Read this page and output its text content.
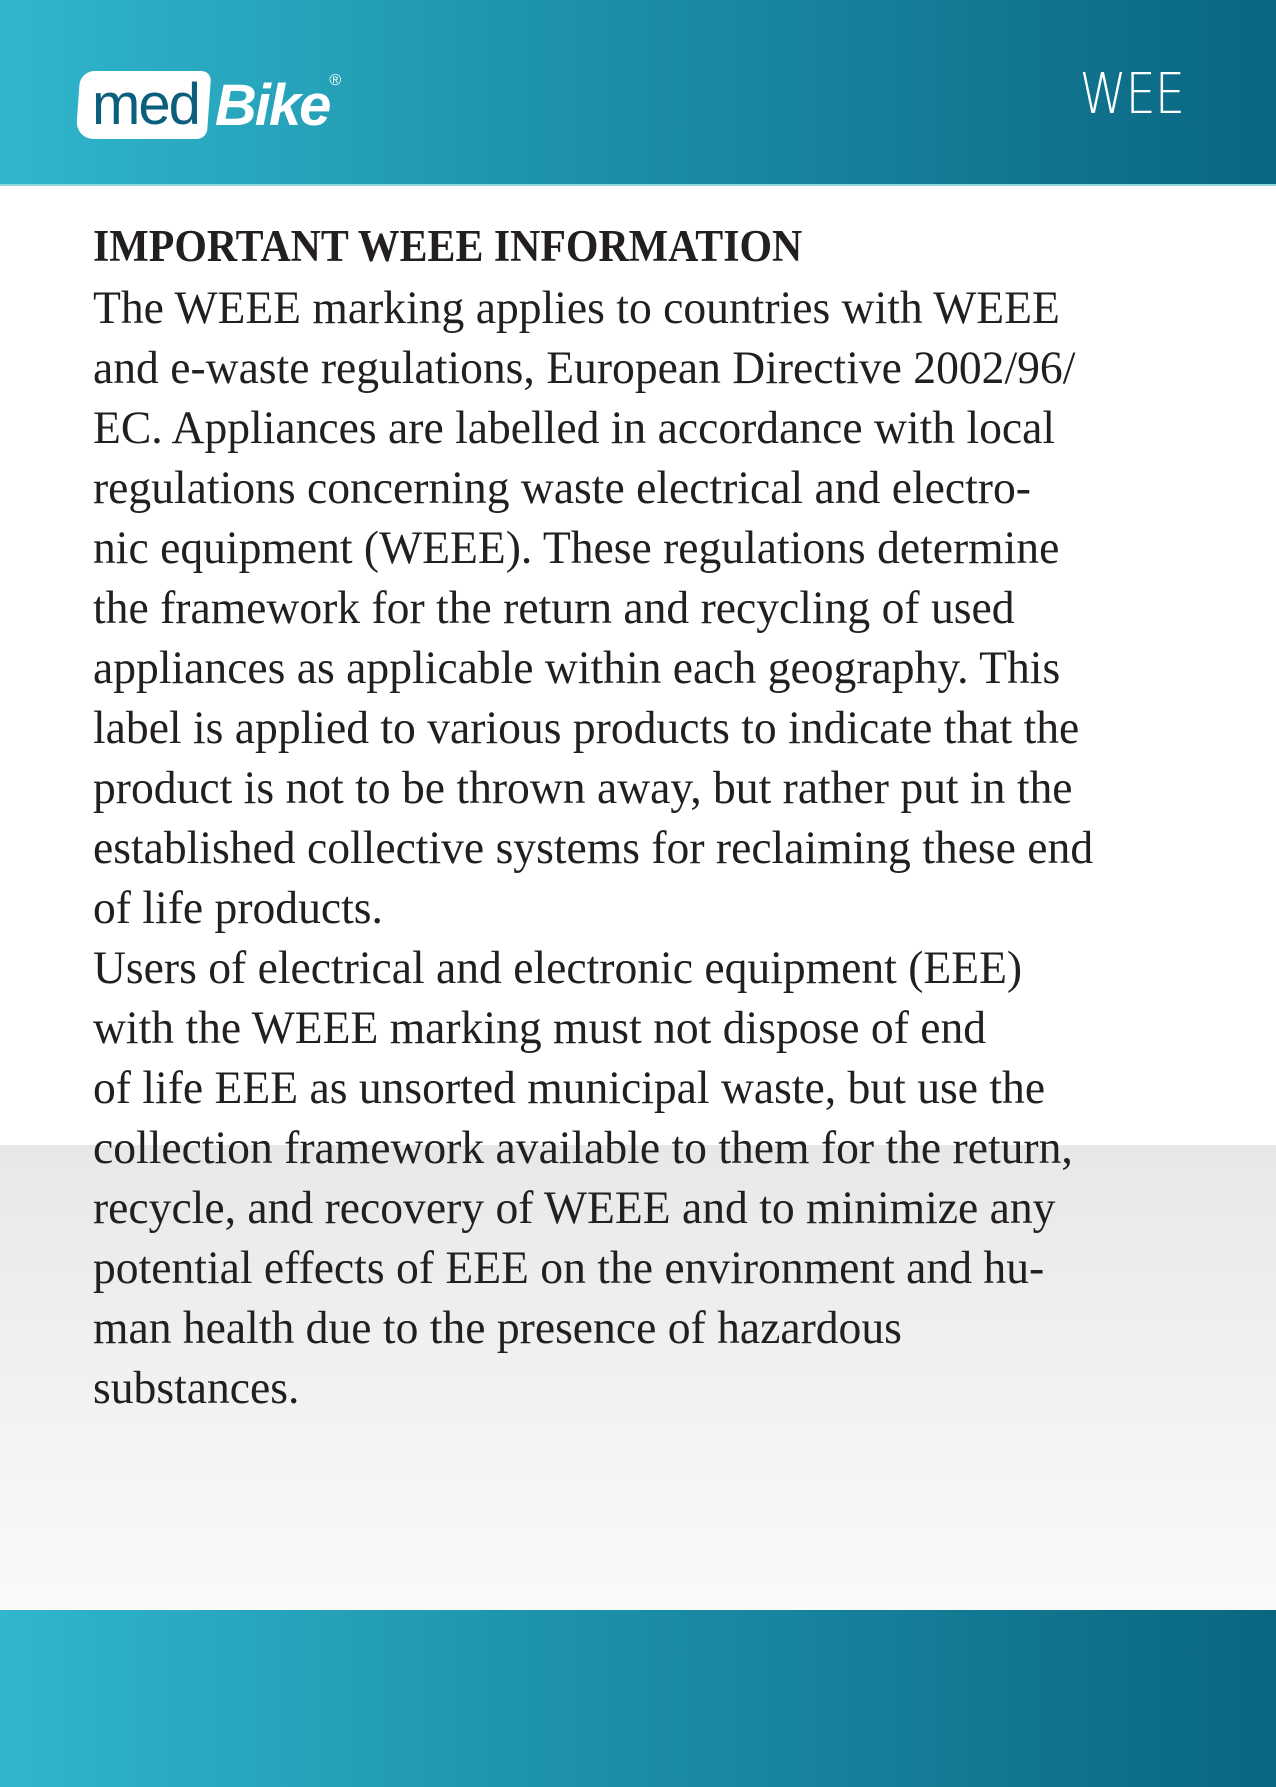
med Bike ®	WEE
IMPORTANT WEEE INFORMATION
The WEEE marking applies to countries with WEEE
and e-waste regulations, European Directive 2002/96/
EC. Appliances are labelled in accordance with local
regulations concerning waste electrical and electro-
nic equipment (WEEE). These regulations determine
the framework for the return and recycling of used
appliances as applicable within each geography. This
label is applied to various products to indicate that the
product is not to be thrown away, but rather put in the
established collective systems for reclaiming these end
of life products.
Users of electrical and electronic equipment (EEE)
with the WEEE marking must not dispose of end
of life EEE as unsorted municipal waste, but use the
collection framework available to them for the return,
recycle, and recovery of WEEE and to minimize any
potential effects of EEE on the environment and hu-
man health due to the presence of hazardous
substances.
